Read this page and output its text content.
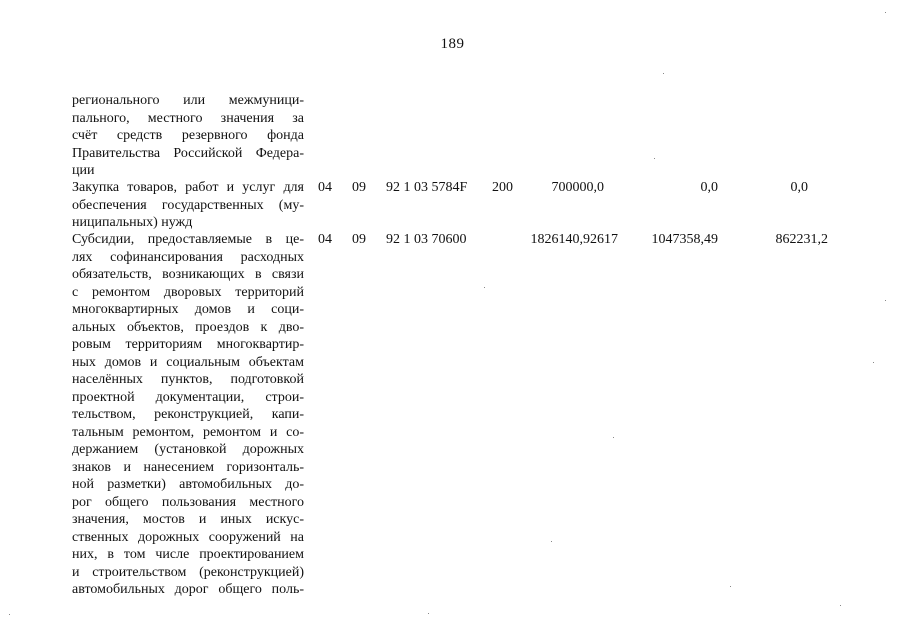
189
регионального или межмуници-
пального, местного значения за
счёт средств резервного фонда
Правительства Российской Федера-
ции
Закупка товаров, работ и услуг для
обеспечения государственных (му-
ниципальных) нужд
04 09 92 1 03 5784F 200	700000,0	0,0	0,0
Субсидии, предоставляемые в це-
лях софинансирования расходных
обязательств, возникающих в связи
с ремонтом дворовых территорий
многоквартирных домов и соци-
альных объектов, проездов к дво-
ровым территориям многоквартир-
ных домов и социальным объектам
населённых пунктов, подготовкой
проектной документации, строи-
тельством, реконструкцией, капи-
тальным ремонтом, ремонтом и со-
держанием (установкой дорожных
знаков и нанесением горизонталь-
ной разметки) автомобильных до-
рог общего пользования местного
значения, мостов и иных искус-
ственных дорожных сооружений на
них, в том числе проектированием
и строительством (реконструкцией)
автомобильных дорог общего поль-
04 09 92 1 03 70600	1826140,92617	1047358,49	862231,2
